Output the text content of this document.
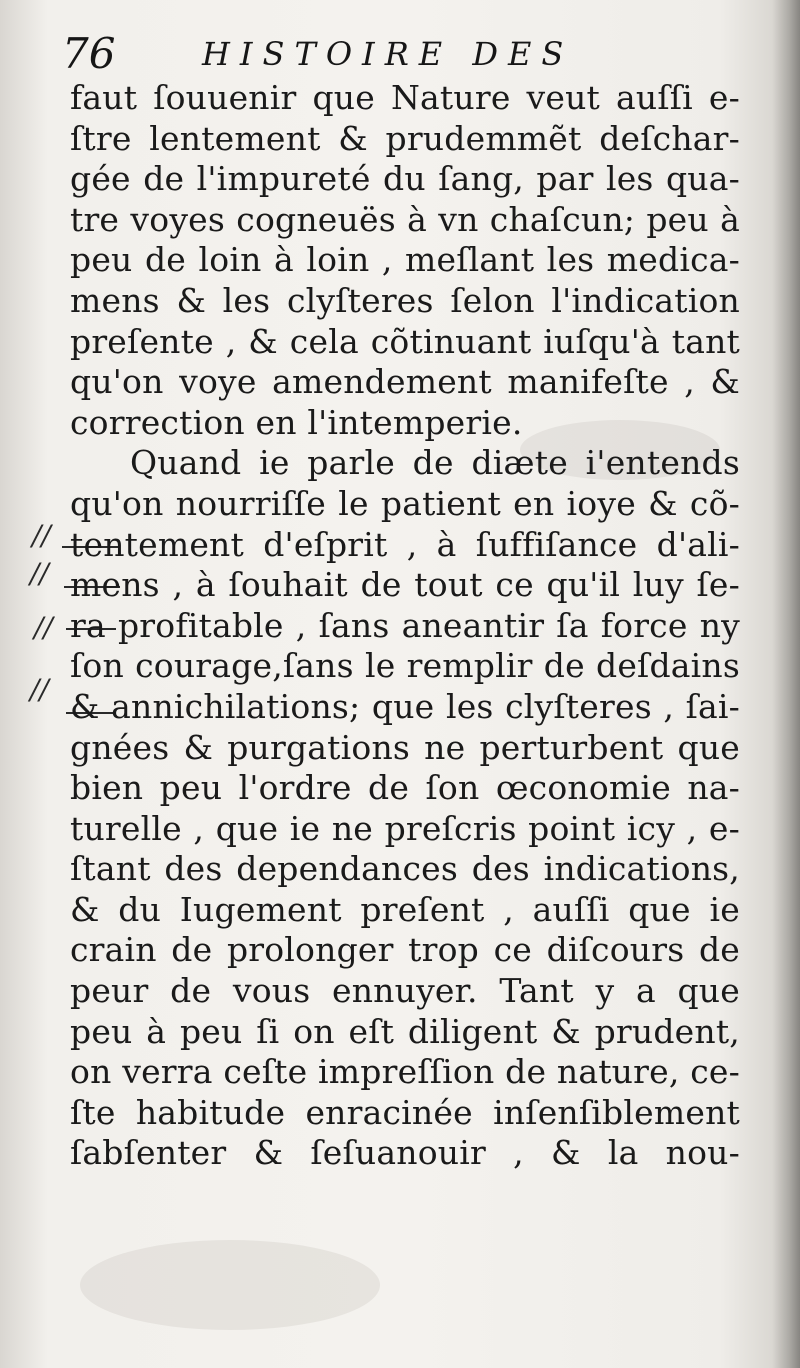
76	HISTOIRE DES
//
//
//
//
faut ſouuenir que Nature veut auſſi e-
ſtre lentement & prudemmẽt deſchar-
gée de l'impureté du ſang, par les qua-
tre voyes cogneuës à vn chaſcun; peu à
peu de loin à loin , meſlant les medica-
mens & les clyſteres ſelon l'indication
preſente , & cela cõtinuant iuſqu'à tant
qu'on voye amendement manifeſte , &
correction en l'intemperie.
Quand ie parle de diæte i'entends
qu'on nourriſſe le patient en ioye & cõ-
tentement d'eſprit , à ſuffiſance d'ali-
mens , à ſouhait de tout ce qu'il luy ſe-
ra profitable , ſans aneantir ſa force ny
ſon courage,ſans le remplir de deſdains
& annichilations; que les clyſteres , ſai-
gnées & purgations ne perturbent que
bien peu l'ordre de ſon œconomie na-
turelle , que ie ne preſcris point icy , e-
ſtant des dependances des indications,
& du Iugement preſent , auſſi que ie
crain de prolonger trop ce diſcours de
peur de vous ennuyer. Tant y a que
peu à peu ſi on eſt diligent & prudent,
on verra ceſte impreſſion de nature, ce-
ſte habitude enracinée inſenſiblement
ſabſenter & ſeſuanouir , & la nou-
